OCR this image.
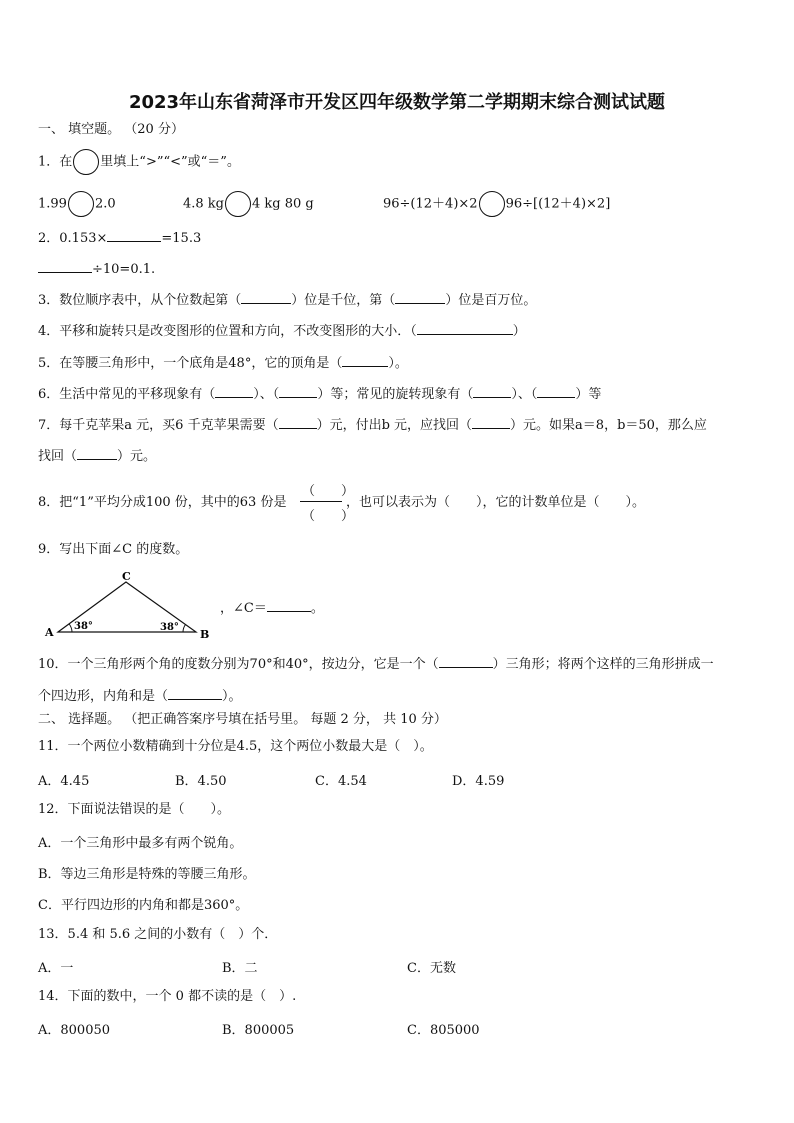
2023年山东省菏泽市开发区四年级数学第二学期期末综合测试试题
一、 填空题。 （20 分）
1．在 里填上“>”“<”或“＝”。
1.99 2.0	4.8 kg 4 kg 80 g	96÷(12＋4)×2 96÷[(12＋4)×2]
2．0.153×	=15.3
÷10=0.1.
3．数位顺序表中，从个位数起第（	）位是千位，第（	）位是百万位。
4．平移和旋转只是改变图形的位置和方向，不改变图形的大小．（	）
5．在等腰三角形中，一个底角是48°，它的顶角是（	）。
6．生活中常见的平移现象有（	）、（	）等；常见的旋转现象有（	）、（	）等
7．每千克苹果a 元，买6 千克苹果需要（	）元，付出b 元，应找回（	）元。如果a＝8，b＝50，那么应
找回（	）元。
8．把“1”平均分成100 份，其中的63 份是
（　　）
（　　）
，也可以表示为（　　），它的计数单位是（　　）。
9．写出下面∠C 的度数。
C
A	B
38°	38°
，∠C＝	。
10．一个三角形两个角的度数分别为70°和40°，按边分，它是一个（	）三角形；将两个这样的三角形拼成一
个四边形，内角和是（	）。
二、 选择题。 （把正确答案序号填在括号里。 每题 2 分， 共 10 分）
11．一个两位小数精确到十分位是4.5，这个两位小数最大是（　）。
A．4.45	B．4.50	C．4.54	D．4.59
12．下面说法错误的是（　　）。
A．一个三角形中最多有两个锐角。
B．等边三角形是特殊的等腰三角形。
C．平行四边形的内角和都是360°。
13．5.4 和 5.6 之间的小数有（　）个．
A．一	B．二	C．无数
14．下面的数中，一个 0 都不读的是（　）.
A．800050	B．800005	C．805000
